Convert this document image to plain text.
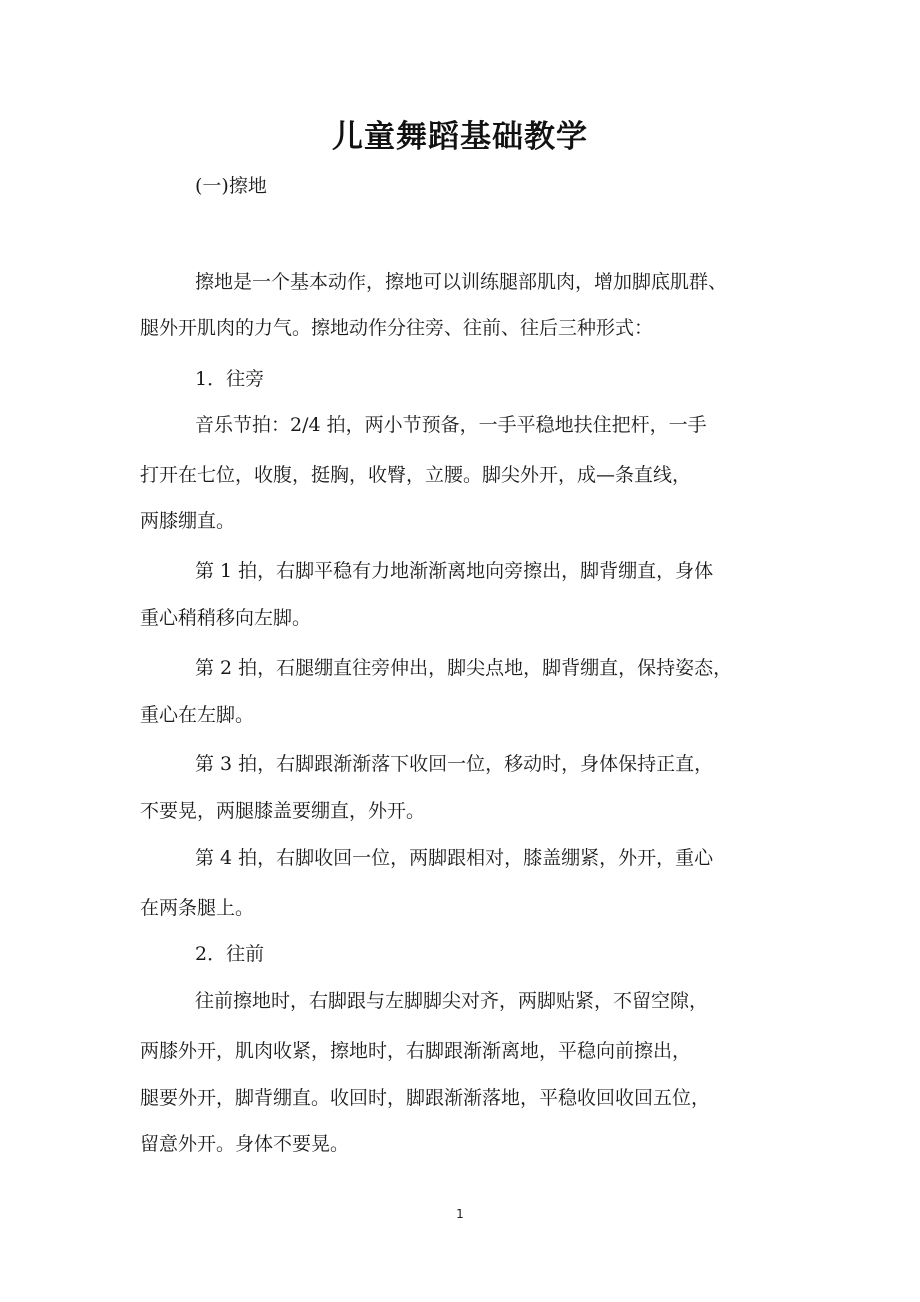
儿童舞蹈基础教学
(一)擦地
擦地是一个基本动作，擦地可以训练腿部肌肉，增加脚底肌群、
腿外开肌肉的力气。擦地动作分往旁、往前、往后三种形式：
1．往旁
音乐节拍：2/4 拍，两小节预备，一手平稳地扶住把杆，一手
打开在七位，收腹，挺胸，收臀，立腰。脚尖外开，成—条直线，
两膝绷直。
第 1 拍，右脚平稳有力地渐渐离地向旁擦出，脚背绷直，身体
重心稍稍移向左脚。
第 2 拍，石腿绷直往旁伸出，脚尖点地，脚背绷直，保持姿态，
重心在左脚。
第 3 拍，右脚跟渐渐落下收回一位，移动时，身体保持正直，
不要晃，两腿膝盖要绷直，外开。
第 4 拍，右脚收回一位，两脚跟相对，膝盖绷紧，外开，重心
在两条腿上。
2．往前
往前擦地时，右脚跟与左脚脚尖对齐，两脚贴紧，不留空隙，
两膝外开，肌肉收紧，擦地时，右脚跟渐渐离地，平稳向前擦出，
腿要外开，脚背绷直。收回时，脚跟渐渐落地，平稳收回收回五位，
留意外开。身体不要晃。
1
